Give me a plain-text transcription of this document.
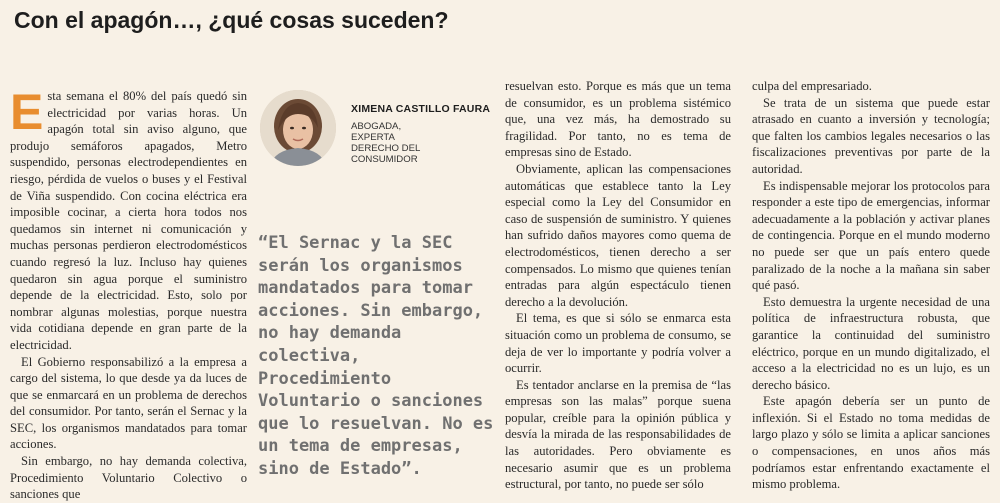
Con el apagón…, ¿qué cosas suceden?
XIMENA CASTILLO FAURA
ABOGADA, EXPERTA DERECHO DEL CONSUMIDOR

“El Sernac y la SEC serán los organismos mandatados para tomar acciones. Sin embargo, no hay demanda colectiva, Procedimiento Voluntario o sanciones que lo resuelvan. No es un tema de empresas, sino de Estado”.

Esta semana el 80% del país quedó sin electricidad por varias horas. Un apagón total sin aviso alguno, que produjo semáforos apagados, Metro suspendido, personas electrodependientes en riesgo, pérdida de vuelos o buses y el Festival de Viña suspendido. Con cocina eléctrica era imposible cocinar, a cierta hora todos nos quedamos sin internet ni comunicación y muchas personas perdieron electrodomésticos cuando regresó la luz. Incluso hay quienes quedaron sin agua porque el suministro depende de la electricidad. Esto, solo por nombrar algunas molestias, porque nuestra vida cotidiana depende en gran parte de la electricidad.

El Gobierno responsabilizó a la empresa a cargo del sistema, lo que desde ya da luces de que se enmarcará en un problema de derechos del consumidor. Por tanto, serán el Sernac y la SEC, los organismos mandatados para tomar acciones.

Sin embargo, no hay demanda colectiva, Procedimiento Voluntario Colectivo o sanciones que

resuelvan esto. Porque es más que un tema de consumidor, es un problema sistémico que, una vez más, ha demostrado su fragilidad. Por tanto, no es tema de empresas sino de Estado.

Obviamente, aplican las compensaciones automáticas que establece tanto la Ley especial como la Ley del Consumidor en caso de suspensión de suministro. Y quienes han sufrido daños mayores como quema de electrodomésticos, tienen derecho a ser compensados. Lo mismo que quienes tenían entradas para algún espectáculo tienen derecho a la devolución.

El tema, es que si sólo se enmarca esta situación como un problema de consumo, se deja de ver lo importante y podría volver a ocurrir.

Es tentador anclarse en la premisa de “las empresas son las malas” porque suena popular, creíble para la opinión pública y desvía la mirada de las responsabilidades de las autoridades. Pero obviamente es necesario asumir que es un problema estructural, por tanto, no puede ser sólo

culpa del empresariado.

Se trata de un sistema que puede estar atrasado en cuanto a inversión y tecnología; que falten los cambios legales necesarios o las fiscalizaciones preventivas por parte de la autoridad.

Es indispensable mejorar los protocolos para responder a este tipo de emergencias, informar adecuadamente a la población y activar planes de contingencia. Porque en el mundo moderno no puede ser que un país entero quede paralizado de la noche a la mañana sin saber qué pasó.

Esto demuestra la urgente necesidad de una política de infraestructura robusta, que garantice la continuidad del suministro eléctrico, porque en un mundo digitalizado, el acceso a la electricidad no es un lujo, es un derecho básico.

Este apagón debería ser un punto de inflexión. Si el Estado no toma medidas de largo plazo y sólo se limita a aplicar sanciones o compensaciones, en unos años más podríamos estar enfrentando exactamente el mismo problema.
